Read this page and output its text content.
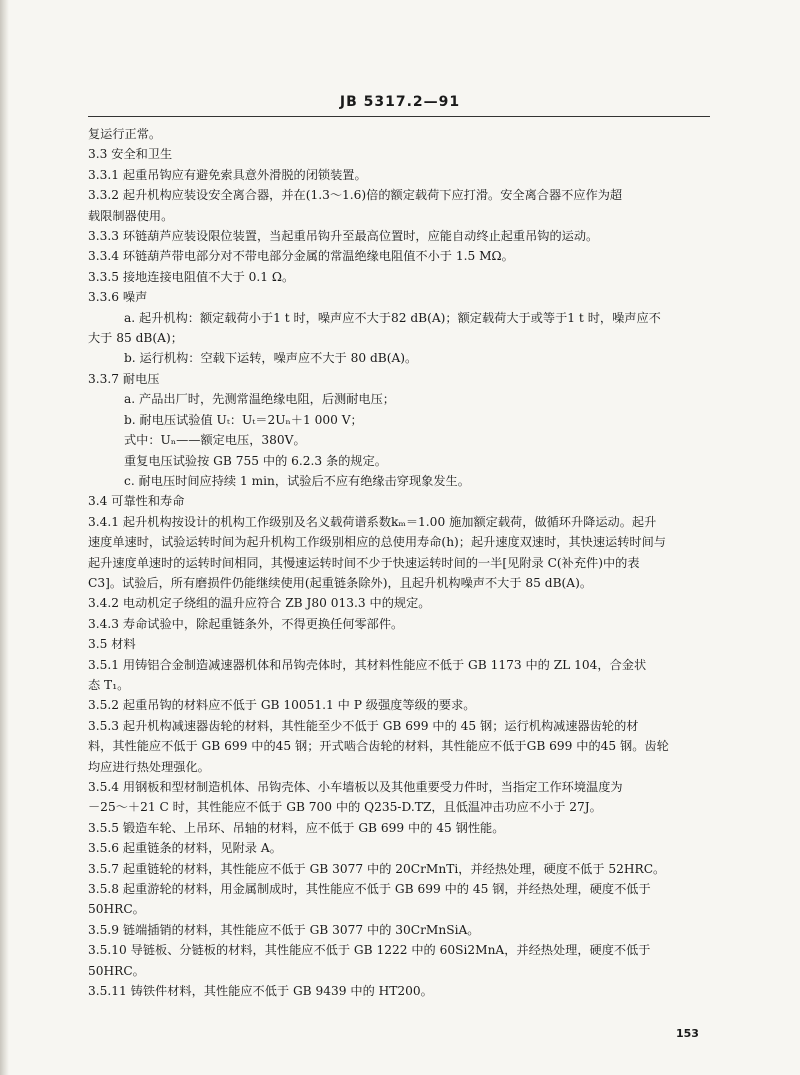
JB 5317.2—91
复运行正常。
3.3 安全和卫生
3.3.1 起重吊钩应有避免索具意外滑脱的闭锁装置。
3.3.2 起升机构应装设安全离合器，并在(1.3～1.6)倍的额定载荷下应打滑。安全离合器不应作为超
载限制器使用。
3.3.3 环链葫芦应装设限位装置，当起重吊钩升至最高位置时，应能自动终止起重吊钩的运动。
3.3.4 环链葫芦带电部分对不带电部分金属的常温绝缘电阻值不小于 1.5 MΩ。
3.3.5 接地连接电阻值不大于 0.1 Ω。
3.3.6 噪声
a. 起升机构：额定载荷小于1 t 时，噪声应不大于82 dB(A)；额定载荷大于或等于1 t 时，噪声应不
大于 85 dB(A)；
b. 运行机构：空载下运转，噪声应不大于 80 dB(A)。
3.3.7 耐电压
a. 产品出厂时，先测常温绝缘电阻，后测耐电压；
b. 耐电压试验值 Uₜ：Uₜ＝2Uₙ＋1 000 V；
式中：Uₙ——额定电压，380V。
重复电压试验按 GB 755 中的 6.2.3 条的规定。
c. 耐电压时间应持续 1 min，试验后不应有绝缘击穿现象发生。
3.4 可靠性和寿命
3.4.1 起升机构按设计的机构工作级别及名义载荷谱系数kₘ＝1.00 施加额定载荷，做循环升降运动。起升
速度单速时，试验运转时间为起升机构工作级别相应的总使用寿命(h)；起升速度双速时，其快速运转时间与
起升速度单速时的运转时间相同，其慢速运转时间不少于快速运转时间的一半[见附录 C(补充件)中的表
C3]。试验后，所有磨损件仍能继续使用(起重链条除外)，且起升机构噪声不大于 85 dB(A)。
3.4.2 电动机定子绕组的温升应符合 ZB J80 013.3 中的规定。
3.4.3 寿命试验中，除起重链条外，不得更换任何零部件。
3.5 材料
3.5.1 用铸铝合金制造减速器机体和吊钩壳体时，其材料性能应不低于 GB 1173 中的 ZL 104，合金状
态 T₁。
3.5.2 起重吊钩的材料应不低于 GB 10051.1 中 P 级强度等级的要求。
3.5.3 起升机构减速器齿轮的材料，其性能至少不低于 GB 699 中的 45 钢；运行机构减速器齿轮的材
料，其性能应不低于 GB 699 中的45 钢；开式啮合齿轮的材料，其性能应不低于GB 699 中的45 钢。齿轮
均应进行热处理强化。
3.5.4 用钢板和型材制造机体、吊钩壳体、小车墙板以及其他重要受力件时，当指定工作环境温度为
－25～＋21 C 时，其性能应不低于 GB 700 中的 Q235-D.TZ，且低温冲击功应不小于 27J。
3.5.5 锻造车轮、上吊环、吊轴的材料，应不低于 GB 699 中的 45 钢性能。
3.5.6 起重链条的材料，见附录 A。
3.5.7 起重链轮的材料，其性能应不低于 GB 3077 中的 20CrMnTi，并经热处理，硬度不低于 52HRC。
3.5.8 起重游轮的材料，用金属制成时，其性能应不低于 GB 699 中的 45 钢，并经热处理，硬度不低于
50HRC。
3.5.9 链端插销的材料，其性能应不低于 GB 3077 中的 30CrMnSiA。
3.5.10 导链板、分链板的材料，其性能应不低于 GB 1222 中的 60Si2MnA，并经热处理，硬度不低于
50HRC。
3.5.11 铸铁件材料，其性能应不低于 GB 9439 中的 HT200。
153
